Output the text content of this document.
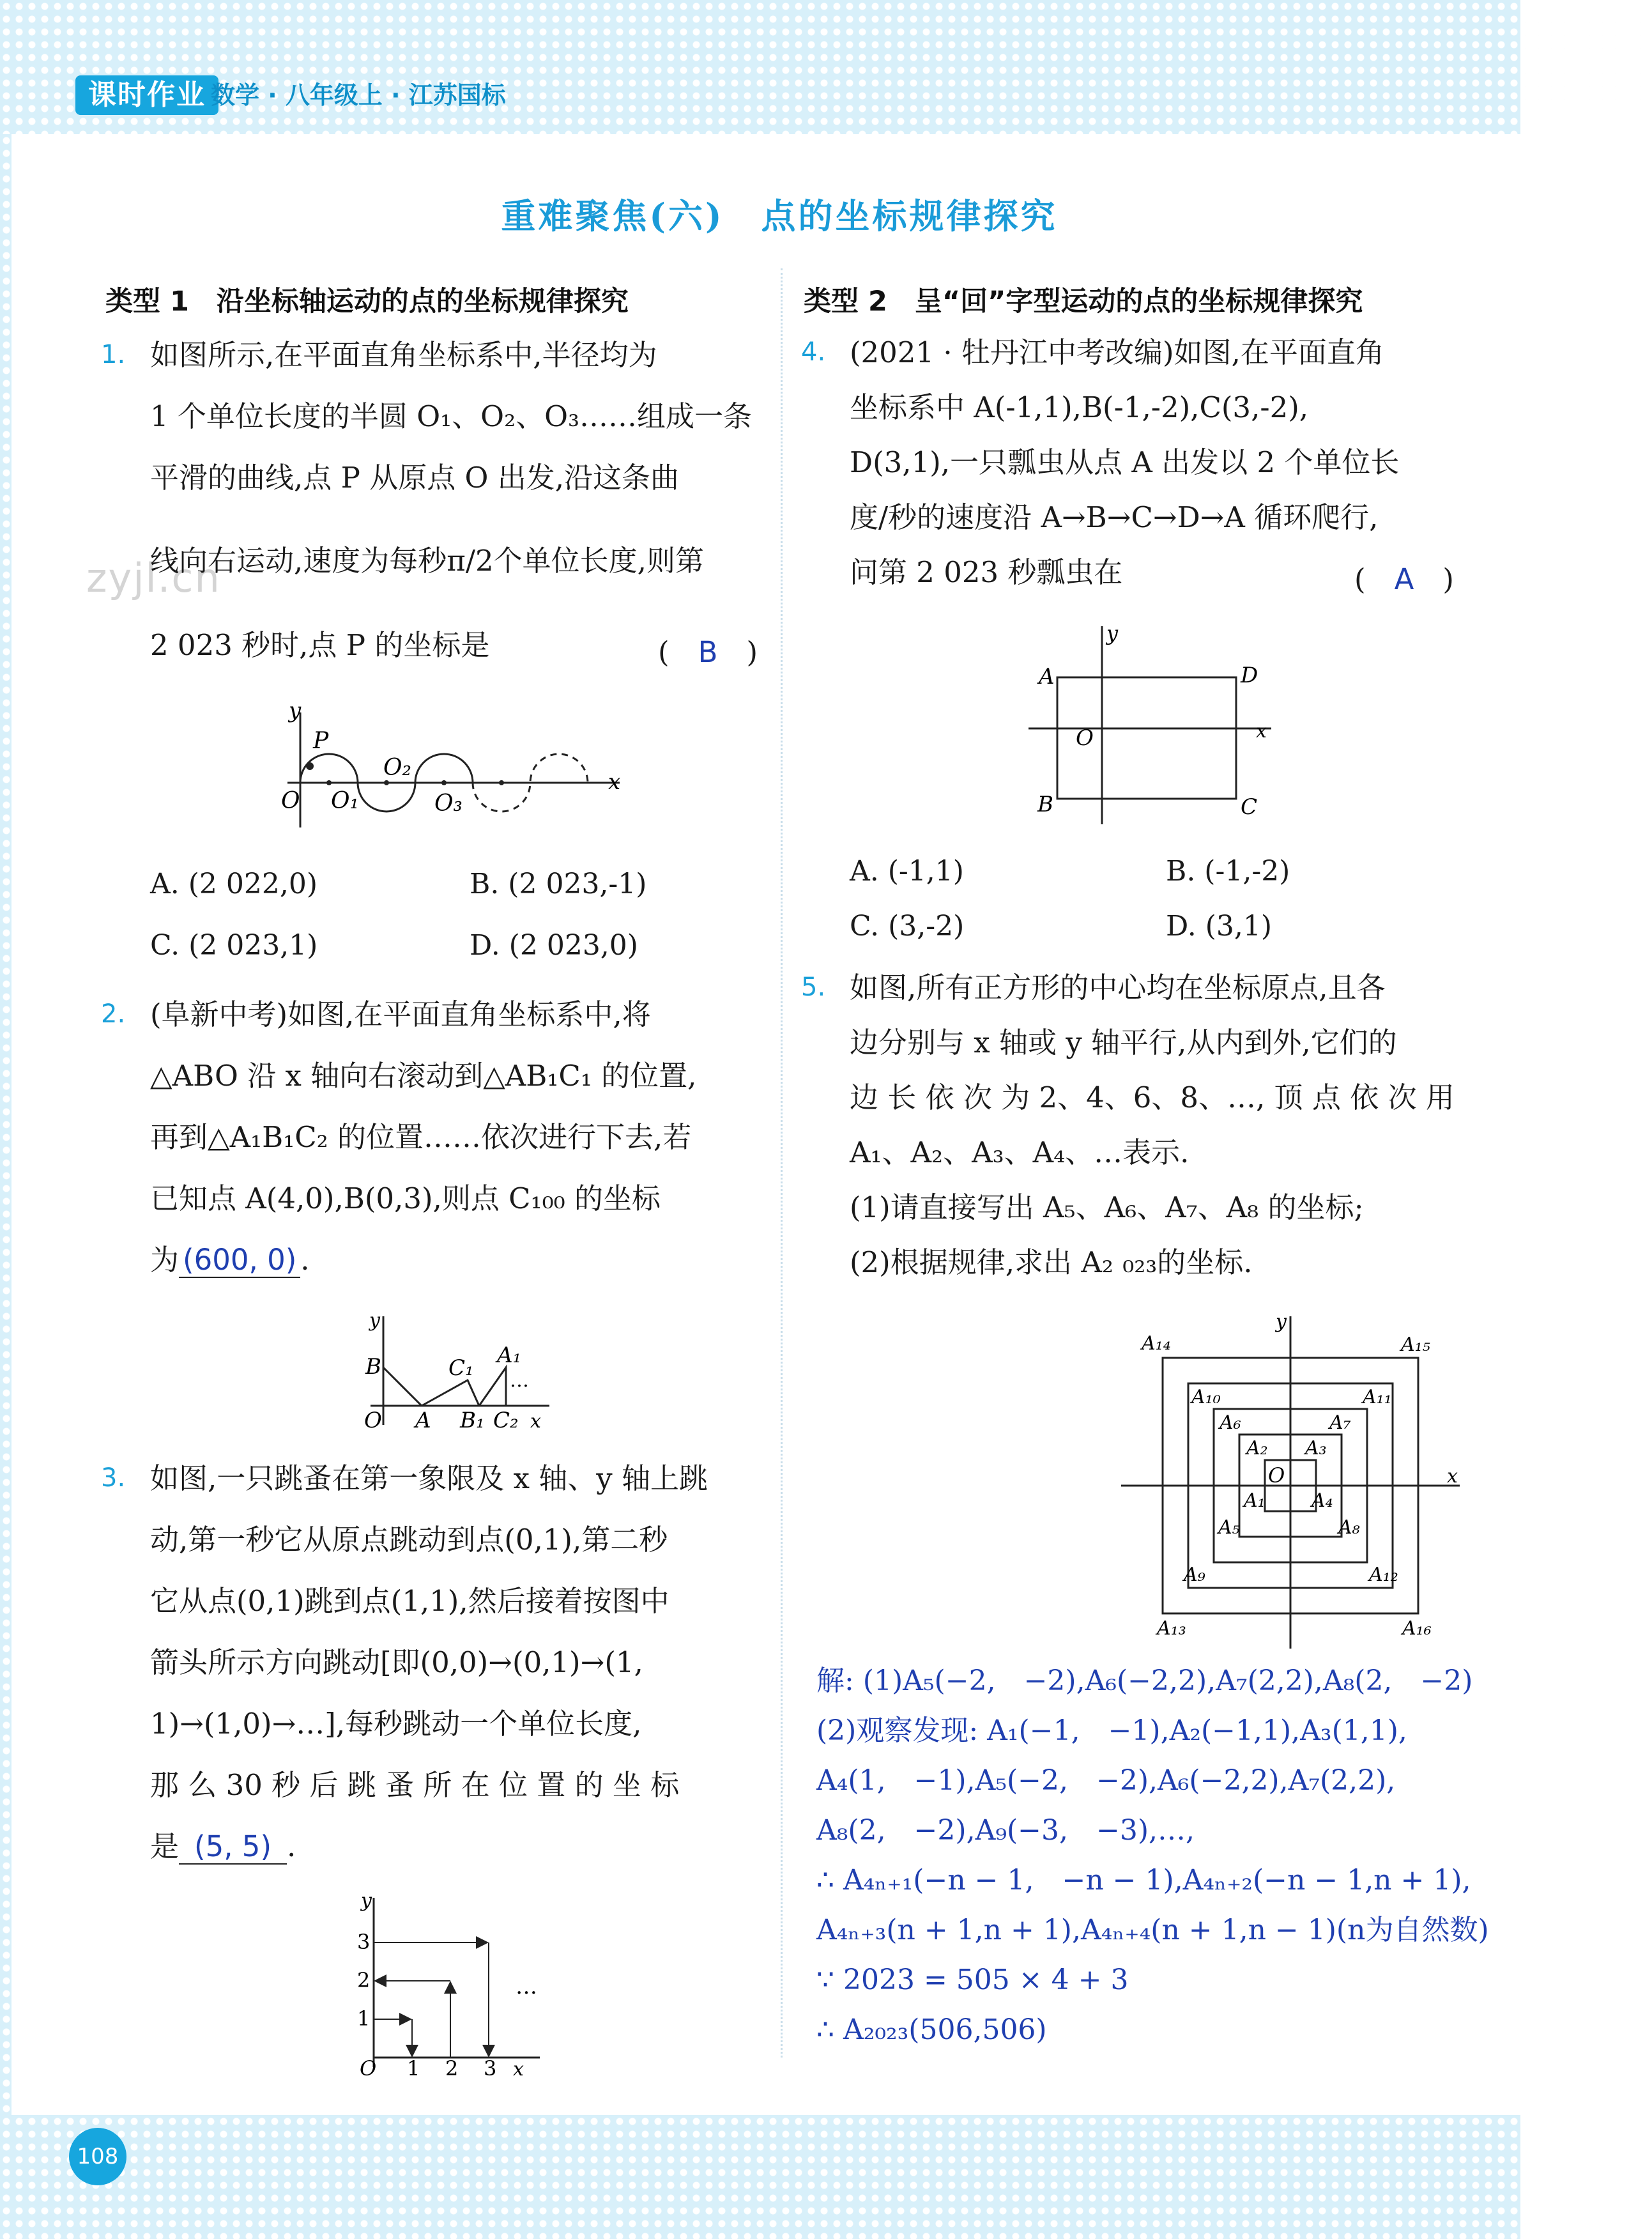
课时作业 数学 · 八年级上 · 江苏国标
重难聚焦(六)　点的坐标规律探究
zyjl.cn
类型 1　沿坐标轴运动的点的坐标规律探究
1. 如图所示,在平面直角坐标系中,半径均为
1 个单位长度的半圆 O₁、O₂、O₃……组成一条
平滑的曲线,点 P 从原点 O 出发,沿这条曲
线向右运动,速度为每秒π/2个单位长度,则第
2 023 秒时,点 P 的坐标是	(　B　)
y
P
O O₁
O₂
O₃
x
A. (2 022,0)	B. (2 023,-1)
C. (2 023,1)	D. (2 023,0)
2. (阜新中考)如图,在平面直角坐标系中,将
△ABO 沿 x 轴向右滚动到△AB₁C₁ 的位置,
再到△A₁B₁C₂ 的位置……依次进行下去,若
已知点 A(4,0),B(0,3),则点 C₁₀₀ 的坐标
为 (600, 0) .
y
B	C₁ A₁
…
O A B₁ C₂ x
3. 如图,一只跳蚤在第一象限及 x 轴、y 轴上跳
动,第一秒它从原点跳动到点(0,1),第二秒
它从点(0,1)跳到点(1,1),然后接着按图中
箭头所示方向跳动[即(0,0)→(0,1)→(1,
1)→(1,0)→…],每秒跳动一个单位长度,
那 么 30 秒 后 跳 蚤 所 在 位 置 的 坐 标
是 (5, 5) .
y
3
2
1
O 1 2 3 x
…
类型 2　呈“回”字型运动的点的坐标规律探究
4. (2021 · 牡丹江中考改编)如图,在平面直角
坐标系中 A(-1,1),B(-1,-2),C(3,-2),
D(3,1),一只瓢虫从点 A 出发以 2 个单位长
度/秒的速度沿 A→B→C→D→A 循环爬行,
问第 2 023 秒瓢虫在	(　A　)
y
A	D
O	x
B	C
A. (-1,1)	B. (-1,-2)
C. (3,-2)	D. (3,1)
5. 如图,所有正方形的中心均在坐标原点,且各
边分别与 x 轴或 y 轴平行,从内到外,它们的
边 长 依 次 为 2、4、6、8、…, 顶 点 依 次 用
A₁、A₂、A₃、A₄、…表示.
(1)请直接写出 A₅、A₆、A₇、A₈ 的坐标;
(2)根据规律,求出 A₂ ₀₂₃的坐标.
y
x
O
A₁
A₂ A₃
A₄
A₅
A₆	A₇
A₈
A₉
A₁₀	A₁₁
A₁₂
A₁₃
A₁₄	A₁₅
A₁₆
解: (1)A₅(−2,　−2),A₆(−2,2),A₇(2,2),A₈(2,　−2)
(2)观察发现: A₁(−1,　−1),A₂(−1,1),A₃(1,1),
A₄(1,　−1),A₅(−2,　−2),A₆(−2,2),A₇(2,2),
A₈(2,　−2),A₉(−3,　−3),…,
∴ A₄ₙ₊₁(−n − 1,　−n − 1),A₄ₙ₊₂(−n − 1,n + 1),
A₄ₙ₊₃(n + 1,n + 1),A₄ₙ₊₄(n + 1,n − 1)(n为自然数)
∵ 2023 = 505 × 4 + 3
∴ A₂₀₂₃(506,506)
108
